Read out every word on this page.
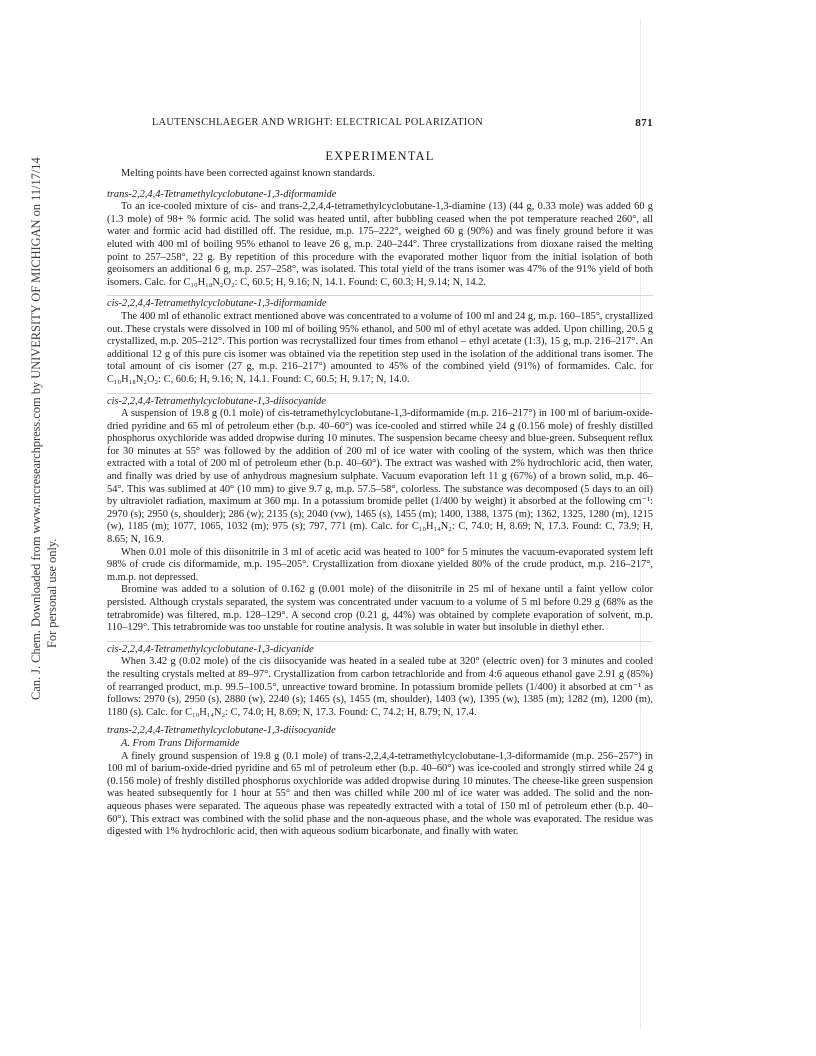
Can. J. Chem. Downloaded from www.nrcresearchpress.com by UNIVERSITY OF MICHIGAN on 11/17/14 For personal use only.
LAUTENSCHLAEGER AND WRIGHT: ELECTRICAL POLARIZATION	871
EXPERIMENTAL

Melting points have been corrected against known standards.

trans-2,2,4,4-Tetramethylcyclobutane-1,3-diformamide

To an ice-cooled mixture of cis- and trans-2,2,4,4-tetramethylcyclobutane-1,3-diamine (13) (44 g, 0.33 mole) was added 60 g (1.3 mole) of 98+ % formic acid. The solid was heated until, after bubbling ceased when the pot temperature reached 260°, all water and formic acid had distilled off. The residue, m.p. 175–222°, weighed 60 g (90%) and was finely ground before it was eluted with 400 ml of boiling 95% ethanol to leave 26 g, m.p. 240–244°. Three crystallizations from dioxane raised the melting point to 257–258°, 22 g. By repetition of this procedure with the evaporated mother liquor from the initial isolation of both geoisomers an additional 6 g, m.p. 257–258°, was isolated. This total yield of the trans isomer was 47% of the 91% yield of both isomers. Calc. for C₁₀H₁₈N₂O₂: C, 60.5; H, 9.16; N, 14.1. Found: C, 60.3; H, 9.14; N, 14.2.

cis-2,2,4,4-Tetramethylcyclobutane-1,3-diformamide

The 400 ml of ethanolic extract mentioned above was concentrated to a volume of 100 ml and 24 g, m.p. 160–185°, crystallized out. These crystals were dissolved in 100 ml of boiling 95% ethanol, and 500 ml of ethyl acetate was added. Upon chilling, 20.5 g crystallized, m.p. 205–212°. This portion was recrystallized four times from ethanol – ethyl acetate (1:3), 15 g, m.p. 216–217°. An additional 12 g of this pure cis isomer was obtained via the repetition step used in the isolation of the additional trans isomer. The total amount of cis isomer (27 g, m.p. 216–217°) amounted to 45% of the combined yield (91%) of formamides. Calc. for C₁₀H₁₈N₂O₂: C, 60.6; H, 9.16; N, 14.1. Found: C, 60.5; H, 9.17; N, 14.0.

cis-2,2,4,4-Tetramethylcyclobutane-1,3-diisocyanide

A suspension of 19.8 g (0.1 mole) of cis-tetramethylcyclobutane-1,3-diformamide (m.p. 216–217°) in 100 ml of barium-oxide-dried pyridine and 65 ml of petroleum ether (b.p. 40–60°) was ice-cooled and stirred while 24 g (0.156 mole) of freshly distilled phosphorus oxychloride was added dropwise during 10 minutes. The suspension became cheesy and blue-green. Subsequent reflux for 30 minutes at 55° was followed by the addition of 200 ml of ice water with cooling of the system, which was then thrice extracted with a total of 200 ml of petroleum ether (b.p. 40–60°). The extract was washed with 2% hydrochloric acid, then water, and finally was dried by use of anhydrous magnesium sulphate. Vacuum evaporation left 11 g (67%) of a brown solid, m.p. 46–54°. This was sublimed at 40° (10 mm) to give 9.7 g, m.p. 57.5–58°, colorless. The substance was decomposed (5 days to an oil) by ultraviolet radiation, maximum at 360 mμ. In a potassium bromide pellet (1/400 by weight) it absorbed at the following cm⁻¹: 2970 (s); 2950 (s, shoulder); 286 (w); 2135 (s); 2040 (vw), 1465 (s), 1455 (m); 1400, 1388, 1375 (m); 1362, 1325, 1280 (m), 1215 (w), 1185 (m); 1077, 1065, 1032 (m); 975 (s); 797, 771 (m). Calc. for C₁₀H₁₄N₂: C, 74.0; H, 8.69; N, 17.3. Found: C, 73.9; H, 8.65; N, 16.9.

When 0.01 mole of this diisonitrile in 3 ml of acetic acid was heated to 100° for 5 minutes the vacuum-evaporated system left 98% of crude cis diformamide, m.p. 195–205°. Crystallization from dioxane yielded 80% of the crude product, m.p. 216–217°, m.m.p. not depressed.

Bromine was added to a solution of 0.162 g (0.001 mole) of the diisonitrile in 25 ml of hexane until a faint yellow color persisted. Although crystals separated, the system was concentrated under vacuum to a volume of 5 ml before 0.29 g (68% as the tetrabromide) was filtered, m.p. 128–129°. A second crop (0.21 g, 44%) was obtained by complete evaporation of solvent, m.p. 110–129°. This tetrabromide was too unstable for routine analysis. It was soluble in water but insoluble in diethyl ether.

cis-2,2,4,4-Tetramethylcyclobutane-1,3-dicyanide

When 3.42 g (0.02 mole) of the cis diisocyanide was heated in a sealed tube at 320° (electric oven) for 3 minutes and cooled the resulting crystals melted at 89–97°. Crystallization from carbon tetrachloride and from 4:6 aqueous ethanol gave 2.91 g (85%) of rearranged product, m.p. 99.5–100.5°, unreactive toward bromine. In potassium bromide pellets (1/400) it absorbed at cm⁻¹ as follows: 2970 (s), 2950 (s), 2880 (w), 2240 (s); 1465 (s), 1455 (m, shoulder), 1403 (w), 1395 (w), 1385 (m); 1282 (m), 1200 (m), 1180 (s). Calc. for C₁₀H₁₄N₂: C, 74.0; H, 8.69; N, 17.3. Found: C, 74.2; H, 8.79; N, 17.4.

trans-2,2,4,4-Tetramethylcyclobutane-1,3-diisocyanide

A. From Trans Diformamide

A finely ground suspension of 19.8 g (0.1 mole) of trans-2,2,4,4-tetramethylcyclobutane-1,3-diformamide (m.p. 256–257°) in 100 ml of barium-oxide-dried pyridine and 65 ml of petroleum ether (b.p. 40–60°) was ice-cooled and strongly stirred while 24 g (0.156 mole) of freshly distilled phosphorus oxychloride was added dropwise during 10 minutes. The cheese-like green suspension was heated subsequently for 1 hour at 55° and then was chilled while 200 ml of ice water was added. The solid and the non-aqueous phases were separated. The aqueous phase was repeatedly extracted with a total of 150 ml of petroleum ether (b.p. 40–60°). This extract was combined with the solid phase and the non-aqueous phase, and the whole was evaporated. The residue was digested with 1% hydrochloric acid, then with aqueous sodium bicarbonate, and finally with water.
